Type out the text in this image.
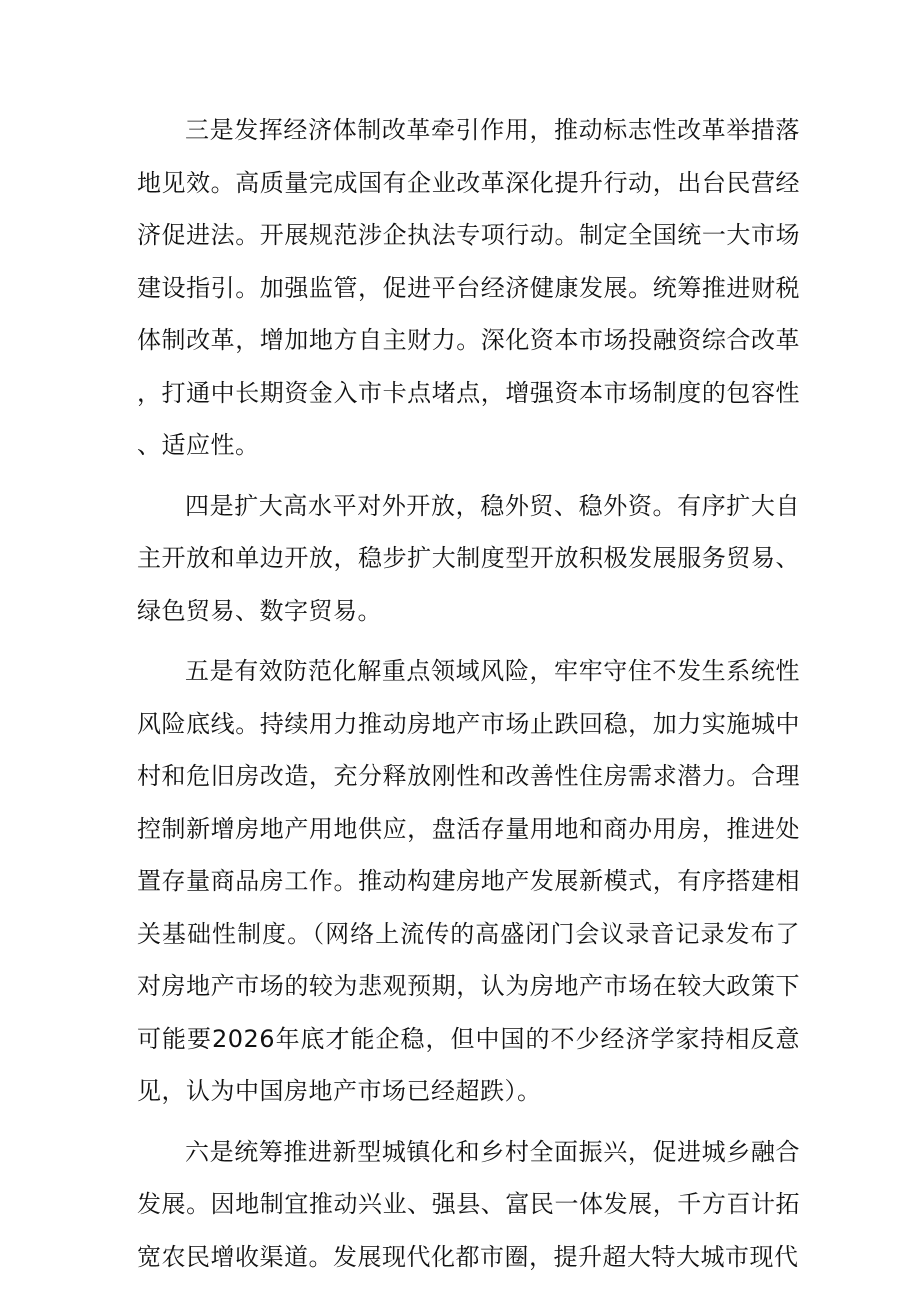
三是发挥经济体制改革牵引作用，推动标志性改革举措落地见效。高质量完成国有企业改革深化提升行动，出台民营经济促进法。开展规范涉企执法专项行动。制定全国统一大市场建设指引。加强监管，促进平台经济健康发展。统筹推进财税体制改革，增加地方自主财力。深化资本市场投融资综合改革，打通中长期资金入市卡点堵点，增强资本市场制度的包容性、适应性。

四是扩大高水平对外开放，稳外贸、稳外资。有序扩大自主开放和单边开放，稳步扩大制度型开放积极发展服务贸易、绿色贸易、数字贸易。

五是有效防范化解重点领域风险，牢牢守住不发生系统性风险底线。持续用力推动房地产市场止跌回稳，加力实施城中村和危旧房改造，充分释放刚性和改善性住房需求潜力。合理控制新增房地产用地供应，盘活存量用地和商办用房，推进处置存量商品房工作。推动构建房地产发展新模式，有序搭建相关基础性制度。（网络上流传的高盛闭门会议录音记录发布了对房地产市场的较为悲观预期，认为房地产市场在较大政策下可能要2026年底才能企稳，但中国的不少经济学家持相反意见，认为中国房地产市场已经超跌）。

六是统筹推进新型城镇化和乡村全面振兴，促进城乡融合发展。因地制宜推动兴业、强县、富民一体发展，千方百计拓宽农民增收渠道。发展现代化都市圈，提升超大特大城市现代
